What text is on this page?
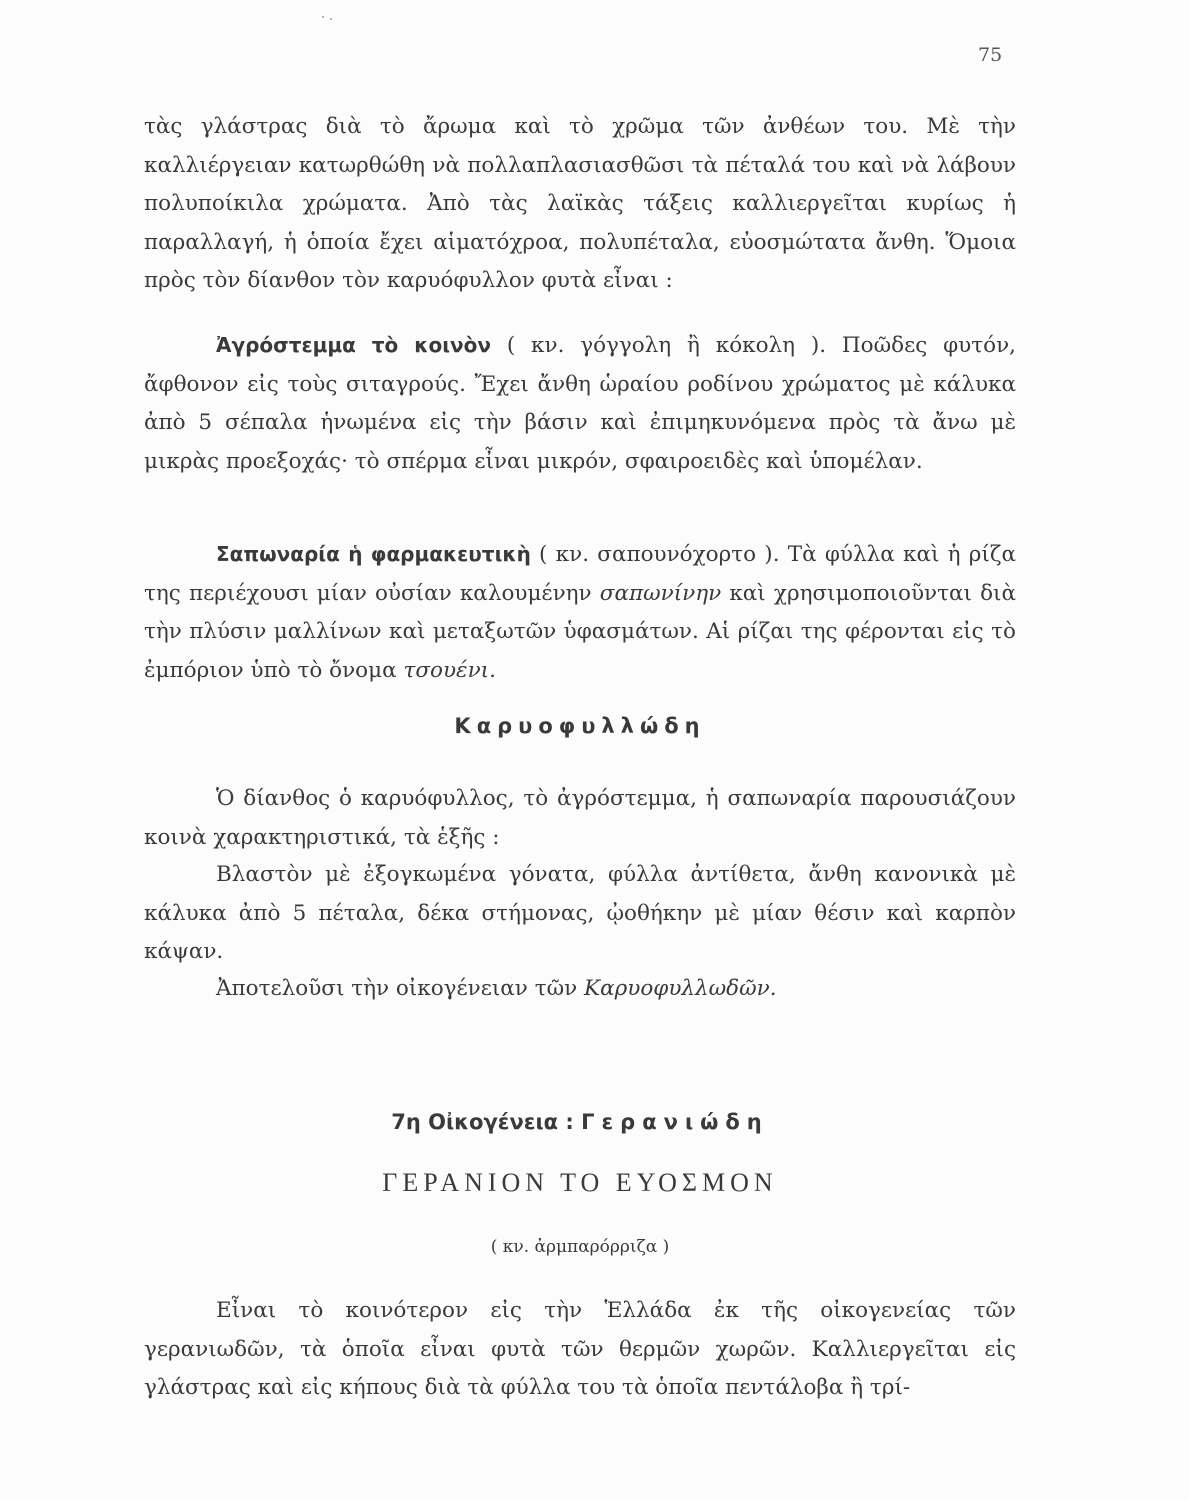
75
τὰς γλάστρας διὰ τὸ ἄρωμα καὶ τὸ χρῶμα τῶν ἀνθέων του. Μὲ τὴν καλλιέργειαν κατωρθώθη νὰ πολλαπλασιασθῶσι τὰ πέταλά του καὶ νὰ λάβουν πολυποίκιλα χρώματα. Ἀπὸ τὰς λαϊκὰς τάξεις καλλιεργεῖται κυρίως ἡ παραλλαγή, ἡ ὁποία ἔχει αἱματόχροα, πολυπέταλα, εὐοσμώτατα ἄνθη. Ὅμοια πρὸς τὸν δίανθον τὸν καρυόφυλλον φυτὰ εἶναι :
Ἀγρόστεμμα τὸ κοινὸν ( κν. γόγγολη ἢ κόκολη ). Ποῶδες φυτόν, ἄφθονον εἰς τοὺς σιταγρούς. Ἔχει ἄνθη ὡραίου ροδίνου χρώματος μὲ κάλυκα ἀπὸ 5 σέπαλα ἡνωμένα εἰς τὴν βάσιν καὶ ἐπιμηκυνόμενα πρὸς τὰ ἄνω μὲ μικρὰς προεξοχάς· τὸ σπέρμα εἶναι μικρόν, σφαιροειδὲς καὶ ὑπομέλαν.
Σαπωναρία ἡ φαρμακευτικὴ ( κν. σαπουνόχορτο ). Τὰ φύλλα καὶ ἡ ρίζα της περιέχουσι μίαν οὐσίαν καλουμένην σαπωνίνην καὶ χρησιμοποιοῦνται διὰ τὴν πλύσιν μαλλίνων καὶ μεταξωτῶν ὑφασμάτων. Αἱ ρίζαι της φέρονται εἰς τὸ ἐμπόριον ὑπὸ τὸ ὄνομα τσουένι.
Καρυοφυλλώδη
Ὁ δίανθος ὁ καρυόφυλλος, τὸ ἀγρόστεμμα, ἡ σαπωναρία παρουσιάζουν κοινὰ χαρακτηριστικά, τὰ ἑξῆς :
Βλαστὸν μὲ ἐξογκωμένα γόνατα, φύλλα ἀντίθετα, ἄνθη κανονικὰ μὲ κάλυκα ἀπὸ 5 πέταλα, δέκα στήμονας, ᾠοθήκην μὲ μίαν θέσιν καὶ καρπὸν κάψαν.
Ἀποτελοῦσι τὴν οἰκογένειαν τῶν Καρυοφυλλωδῶν.
7η Οἰκογένεια : Γερανιώδη
ΓΕΡΑΝΙΟΝ ΤΟ ΕΥΟΣΜΟΝ
( κν. ἀρμπαρόρριζα )
Εἶναι τὸ κοινότερον εἰς τὴν Ἑλλάδα ἐκ τῆς οἰκογενείας τῶν γερανιωδῶν, τὰ ὁποῖα εἶναι φυτὰ τῶν θερμῶν χωρῶν. Καλλιεργεῖται εἰς γλάστρας καὶ εἰς κήπους διὰ τὰ φύλλα του τὰ ὁποῖα πεντάλοβα ἢ τρί-
